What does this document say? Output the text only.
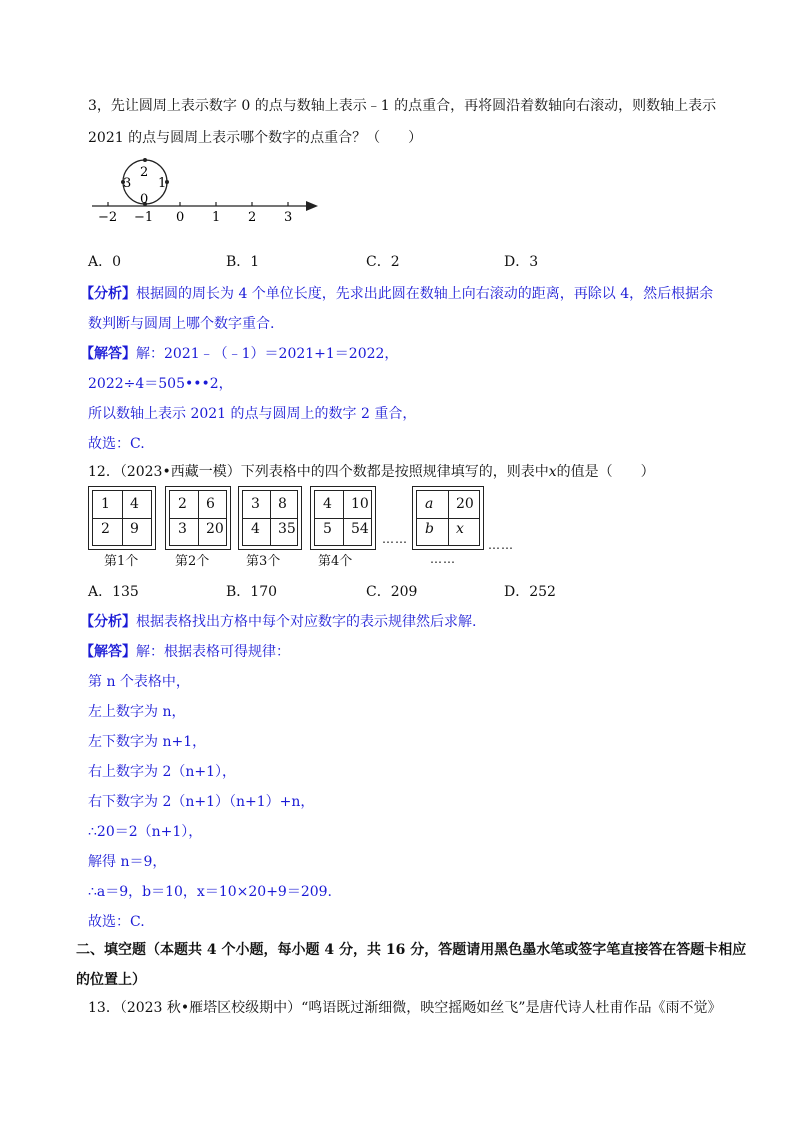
3，先让圆周上表示数字 0 的点与数轴上表示﹣1 的点重合，再将圆沿着数轴向右滚动，则数轴上表示
2021 的点与圆周上表示哪个数字的点重合？（　　）
2
1
0
3
−2 −1 0 1 2 3
A．0	B．1	C．2	D．3
【分析】根据圆的周长为 4 个单位长度，先求出此圆在数轴上向右滚动的距离，再除以 4，然后根据余
数判断与圆周上哪个数字重合.
【解答】解：2021﹣（﹣1）＝2021+1＝2022，
2022÷4＝505•••2，
所以数轴上表示 2021 的点与圆周上的数字 2 重合，
故选：C.
12．（2023•西藏一模）下列表格中的四个数都是按照规律填写的，则表中x的值是（　　）
1	4
2	9
第1个
2	6
3	20
第2个
3	8
4	35
第3个
4	10
5	54
第4个
……
a	20
b	x
……
……
A．135	B．170	C．209	D．252
【分析】根据表格找出方格中每个对应数字的表示规律然后求解.
【解答】解：根据表格可得规律：
第 n 个表格中，
左上数字为 n，
左下数字为 n+1，
右上数字为 2（n+1），
右下数字为 2（n+1）（n+1）+n，
∴20＝2（n+1），
解得 n＝9，
∴a＝9，b＝10，x＝10×20+9＝209.
故选：C.
二、填空题（本题共 4 个小题，每小题 4 分，共 16 分，答题请用黑色墨水笔或签字笔直接答在答题卡相应
的位置上）
13．（2023 秋•雁塔区校级期中）“鸣语既过渐细微，映空摇飏如丝飞”是唐代诗人杜甫作品《雨不觉》
